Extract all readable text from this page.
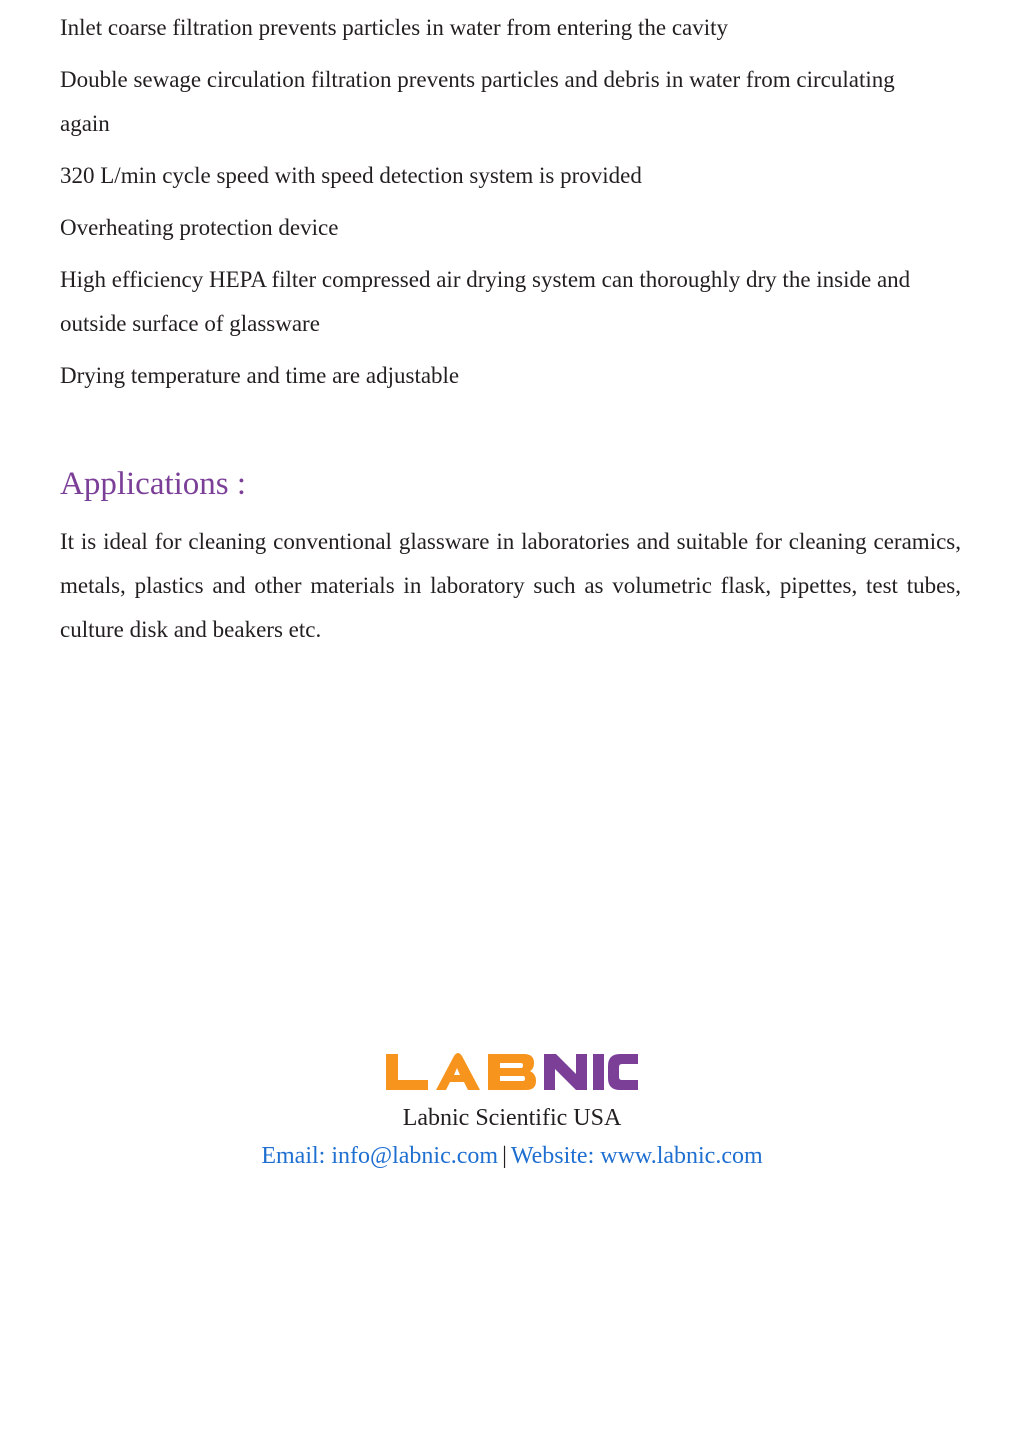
Inlet coarse filtration prevents particles in water from entering the cavity
Double sewage circulation filtration prevents particles and debris in water from circulating again
320 L/min cycle speed with speed detection system is provided
Overheating protection device
High efficiency HEPA filter compressed air drying system can thoroughly dry the inside and outside surface of glassware
Drying temperature and time are adjustable
Applications :

It is ideal for cleaning conventional glassware in laboratories and suitable for cleaning ceramics, metals, plastics and other materials in laboratory such as volumetric flask, pipettes, test tubes, culture disk and beakers etc.

Labnic Scientific USA
Email: info@labnic.com | Website: www.labnic.com
